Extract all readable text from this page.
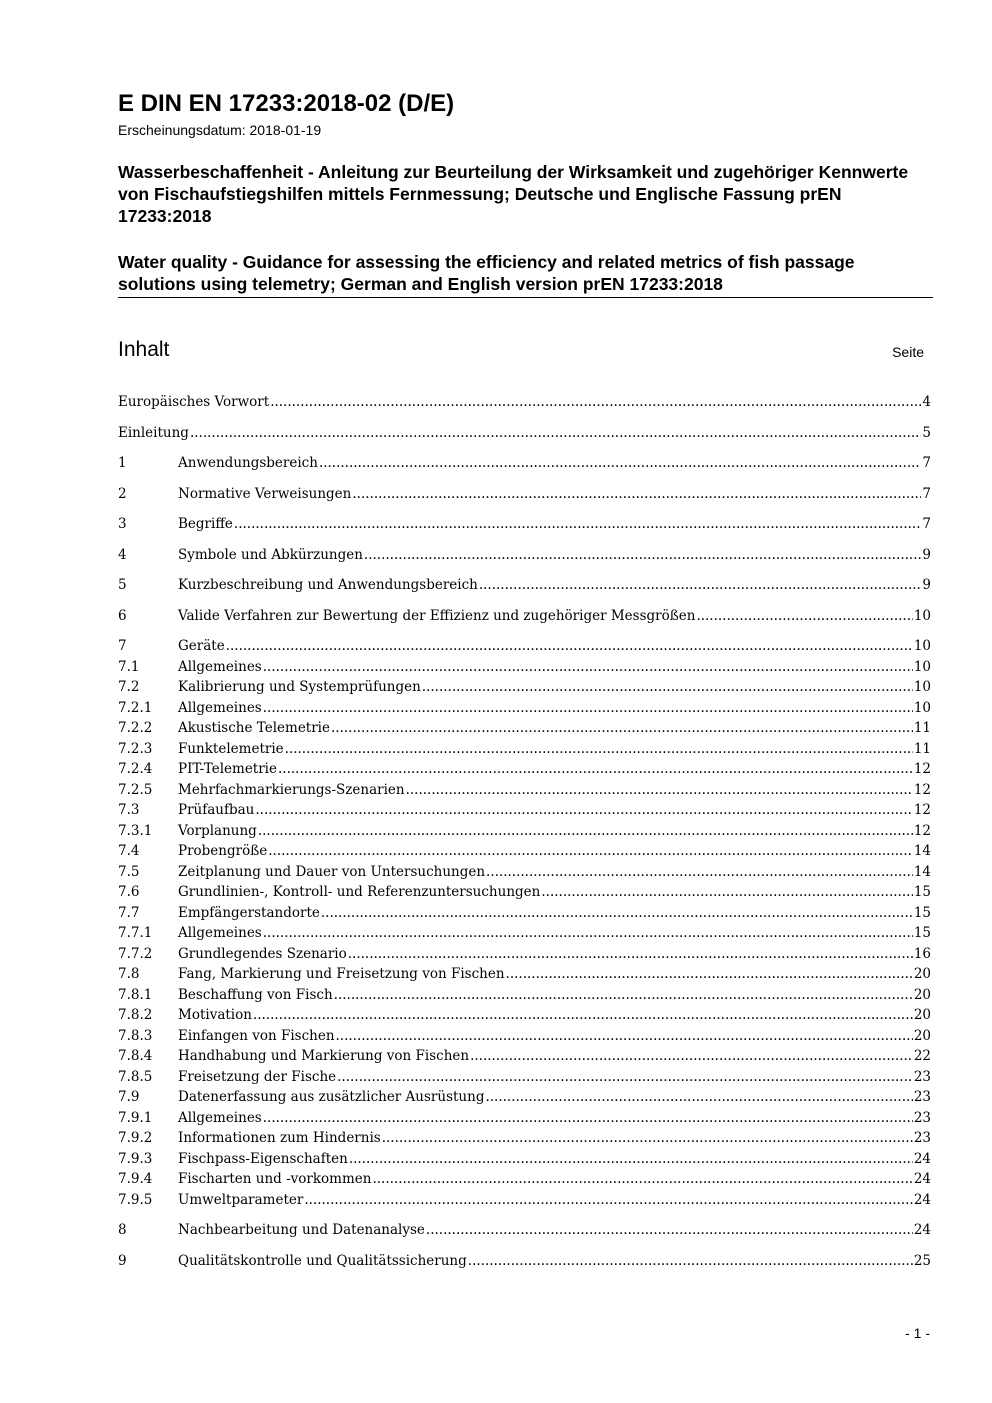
E DIN EN 17233:2018-02 (D/E)
Erscheinungsdatum: 2018-01-19
Wasserbeschaffenheit - Anleitung zur Beurteilung der Wirksamkeit und zugehöriger Kennwerte von Fischaufstiegshilfen mittels Fernmessung; Deutsche und Englische Fassung prEN 17233:2018
Water quality - Guidance for assessing the efficiency and related metrics of fish passage solutions using telemetry; German and English version prEN 17233:2018
Inhalt	Seite
Europäisches Vorwort .....	4
Einleitung .....	5
1	Anwendungsbereich .....	7
2	Normative Verweisungen .....	7
3	Begriffe .....	7
4	Symbole und Abkürzungen .....	9
5	Kurzbeschreibung und Anwendungsbereich .....	9
6	Valide Verfahren zur Bewertung der Effizienz und zugehöriger Messgrößen .....	10
7	Geräte .....	10
7.1	Allgemeines .....	10
7.2	Kalibrierung und Systemprüfungen .....	10
7.2.1	Allgemeines .....	10
7.2.2	Akustische Telemetrie .....	11
7.2.3	Funktelemetrie .....	11
7.2.4	PIT-Telemetrie .....	12
7.2.5	Mehrfachmarkierungs-Szenarien .....	12
7.3	Prüfaufbau .....	12
7.3.1	Vorplanung .....	12
7.4	Probengröße .....	14
7.5	Zeitplanung und Dauer von Untersuchungen .....	14
7.6	Grundlinien-, Kontroll- und Referenzuntersuchungen .....	15
7.7	Empfängerstandorte .....	15
7.7.1	Allgemeines .....	15
7.7.2	Grundlegendes Szenario .....	16
7.8	Fang, Markierung und Freisetzung von Fischen .....	20
7.8.1	Beschaffung von Fisch .....	20
7.8.2	Motivation .....	20
7.8.3	Einfangen von Fischen .....	20
7.8.4	Handhabung und Markierung von Fischen .....	22
7.8.5	Freisetzung der Fische .....	23
7.9	Datenerfassung aus zusätzlicher Ausrüstung .....	23
7.9.1	Allgemeines .....	23
7.9.2	Informationen zum Hindernis .....	23
7.9.3	Fischpass-Eigenschaften .....	24
7.9.4	Fischarten und -vorkommen .....	24
7.9.5	Umweltparameter .....	24
8	Nachbearbeitung und Datenanalyse .....	24
9	Qualitätskontrolle und Qualitätssicherung .....	25
- 1 -
